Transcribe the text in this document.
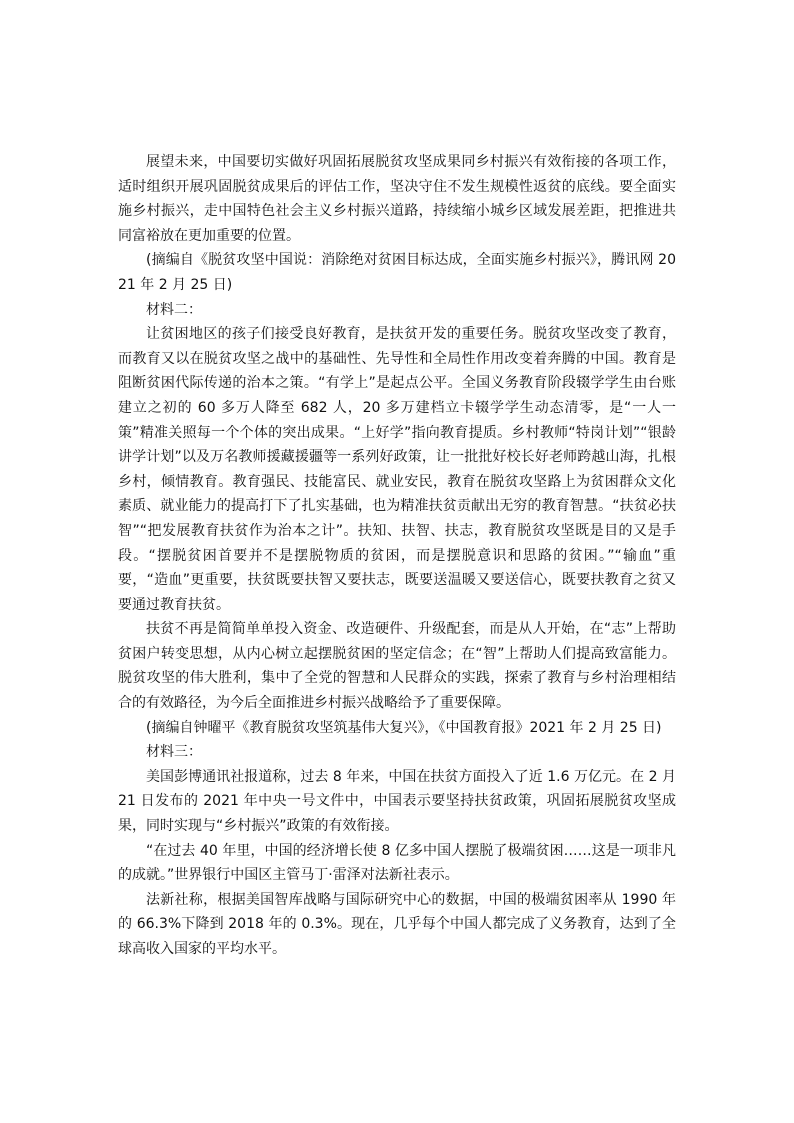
展望未来，中国要切实做好巩固拓展脱贫攻坚成果同乡村振兴有效衔接的各项工作，适时组织开展巩固脱贫成果后的评估工作，坚决守住不发生规模性返贫的底线。要全面实施乡村振兴，走中国特色社会主义乡村振兴道路，持续缩小城乡区域发展差距，把推进共同富裕放在更加重要的位置。

(摘编自《脱贫攻坚中国说：消除绝对贫困目标达成，全面实施乡村振兴》，腾讯网 2021 年 2 月 25 日)

材料二：

让贫困地区的孩子们接受良好教育，是扶贫开发的重要任务。脱贫攻坚改变了教育，而教育又以在脱贫攻坚之战中的基础性、先导性和全局性作用改变着奔腾的中国。教育是阻断贫困代际传递的治本之策。“有学上”是起点公平。全国义务教育阶段辍学学生由台账建立之初的 60 多万人降至 682 人，20 多万建档立卡辍学学生动态清零，是“一人一策”精准关照每一个个体的突出成果。“上好学”指向教育提质。乡村教师“特岗计划”“银龄讲学计划”以及万名教师援藏援疆等一系列好政策，让一批批好校长好老师跨越山海，扎根乡村，倾情教育。教育强民、技能富民、就业安民，教育在脱贫攻坚路上为贫困群众文化素质、就业能力的提高打下了扎实基础，也为精准扶贫贡献出无穷的教育智慧。“扶贫必扶智”“把发展教育扶贫作为治本之计”。扶知、扶智、扶志，教育脱贫攻坚既是目的又是手段。“摆脱贫困首要并不是摆脱物质的贫困，而是摆脱意识和思路的贫困。”“输血”重要，“造血”更重要，扶贫既要扶智又要扶志，既要送温暖又要送信心，既要扶教育之贫又要通过教育扶贫。

扶贫不再是简简单单投入资金、改造硬件、升级配套，而是从人开始，在“志”上帮助贫困户转变思想，从内心树立起摆脱贫困的坚定信念；在“智”上帮助人们提高致富能力。脱贫攻坚的伟大胜利，集中了全党的智慧和人民群众的实践，探索了教育与乡村治理相结合的有效路径，为今后全面推进乡村振兴战略给予了重要保障。

(摘编自钟曜平《教育脱贫攻坚筑基伟大复兴》，《中国教育报》2021 年 2 月 25 日)

材料三：

美国彭博通讯社报道称，过去 8 年来，中国在扶贫方面投入了近 1.6 万亿元。在 2 月 21 日发布的 2021 年中央一号文件中，中国表示要坚持扶贫政策，巩固拓展脱贫攻坚成果，同时实现与“乡村振兴”政策的有效衔接。

“在过去 40 年里，中国的经济增长使 8 亿多中国人摆脱了极端贫困……这是一项非凡的成就。”世界银行中国区主管马丁·雷泽对法新社表示。

法新社称，根据美国智库战略与国际研究中心的数据，中国的极端贫困率从 1990 年的 66.3%下降到 2018 年的 0.3%。现在，几乎每个中国人都完成了义务教育，达到了全球高收入国家的平均水平。
